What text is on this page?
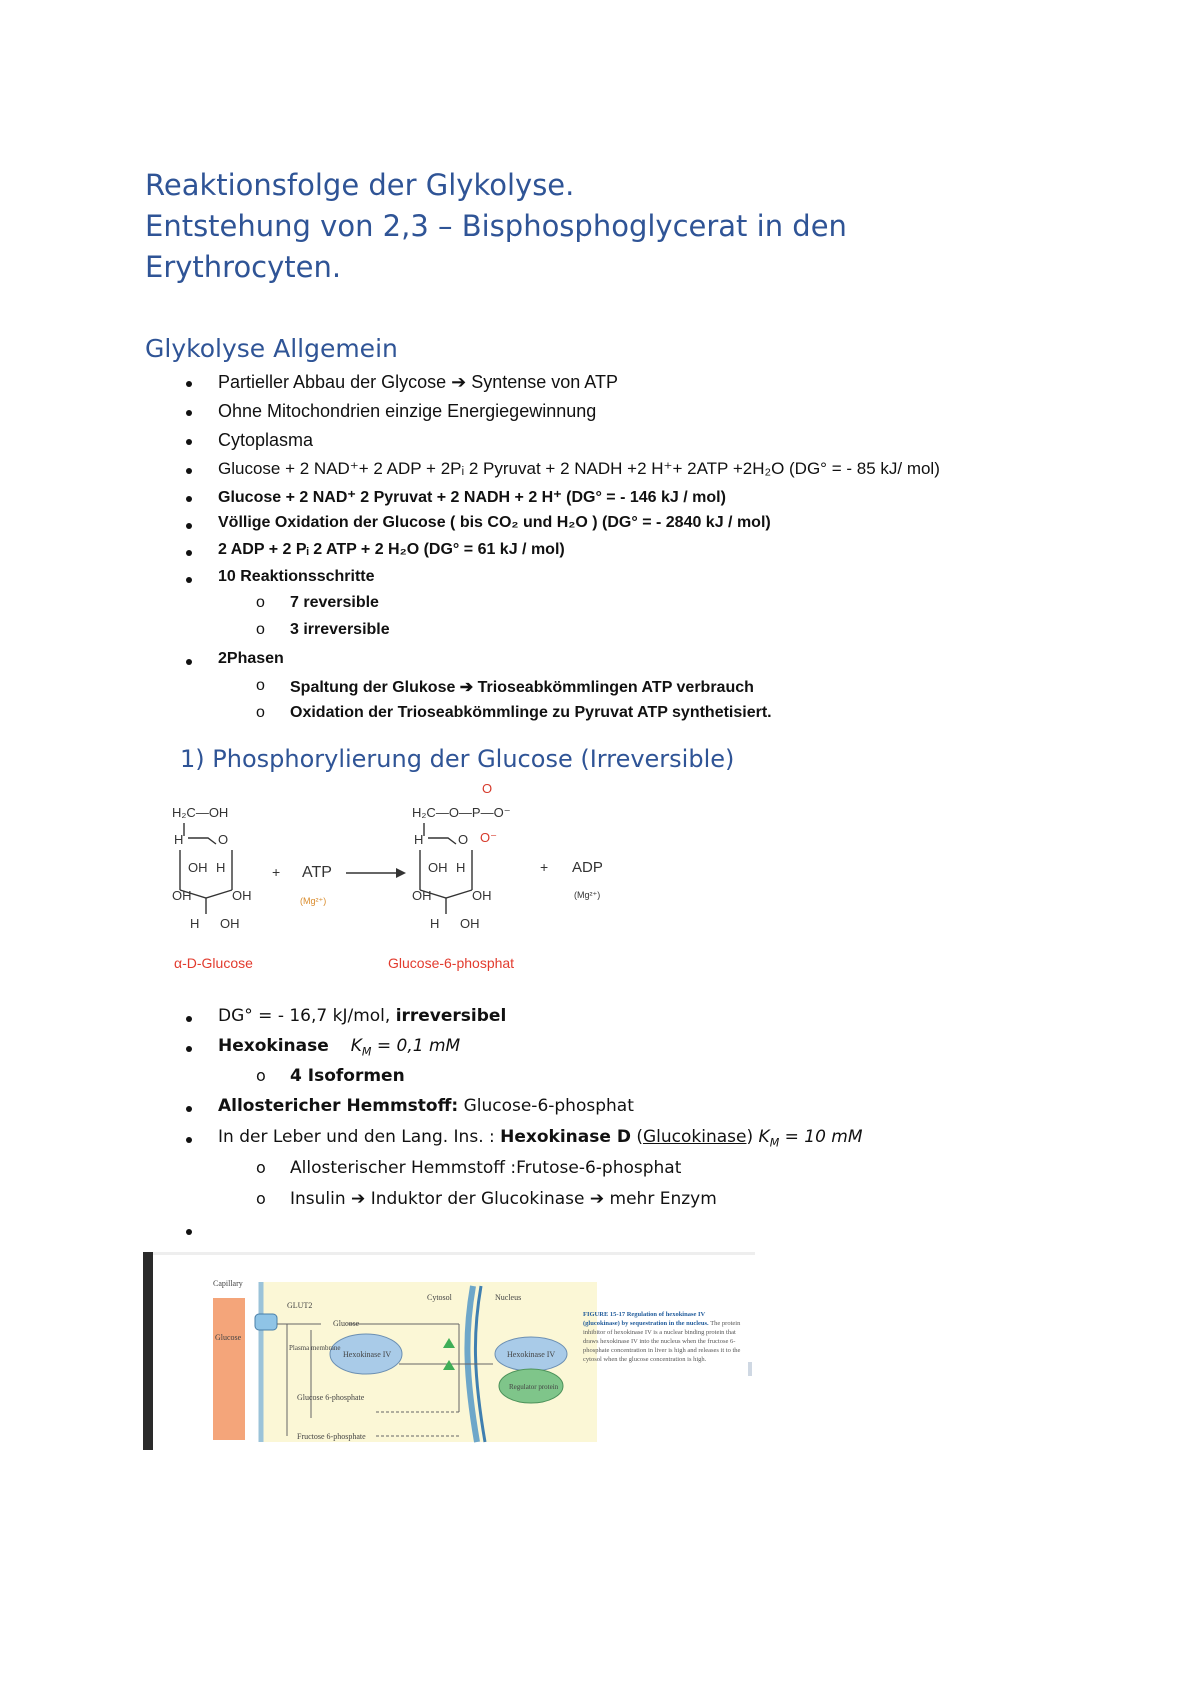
Reaktionsfolge der Glykolyse.
Entstehung von 2,3 – Bisphosphoglycerat in den
Erythrocyten.
Glykolyse Allgemein
Partieller Abbau der Glycose ➔ Syntense von ATP
Ohne Mitochondrien einzige Energiegewinnung
Cytoplasma
Glucose + 2 NAD⁺+ 2 ADP + 2Pᵢ 2 Pyruvat + 2 NADH +2 H⁺+ 2ATP +2H₂O (DG° = - 85 kJ/ mol)
Glucose + 2 NAD⁺ 2 Pyruvat + 2 NADH + 2 H⁺ (DG° = - 146 kJ / mol)
Völlige Oxidation der Glucose ( bis CO₂ und H₂O ) (DG° = - 2840 kJ / mol)
2 ADP + 2 Pᵢ 2 ATP + 2 H₂O (DG° = 61 kJ / mol)
10 Reaktionsschritte
o 7 reversible
o 3 irreversible
2Phasen
o Spaltung der Glukose ➔ Trioseabkömmlingen ATP verbrauch
o Oxidation der Trioseabkömmlinge zu Pyruvat ATP synthetisiert.
1) Phosphorylierung der Glucose (Irreversible)
H₂C—OH
H	O
OH H
OH	OH
H OH
H₂C—O—P—O⁻
O
O⁻
H	O
OH H
OH	OH
H OH
+ ATP
(Mg²⁺)
+ ADP
(Mg²⁺)
α-D-Glucose	Glucose-6-phosphat
DG° = - 16,7 kJ/mol, irreversibel
Hexokinase $K_M = 0,1$ mM
o 4 Isoformen
Allostericher Hemmstoff: Glucose-6-phosphat
In der Leber und den Lang. Ins. : Hexokinase D (Glucokinase) $K_M = 10$ mM
o Allosterischer Hemmstoff :Frutose-6-phosphat
o Insulin ➔ Induktor der Glucokinase ➔ mehr Enzym
Capillary
Glucose
GLUT2
Glucose
Plasma membrane
Cytosol	Nucleus
Hexokinase IV	Hexokinase IV
Regulator protein
Glucose 6-phosphate
Fructose 6-phosphate
FIGURE 15-17 Regulation of hexokinase IV (glucokinase) by sequestration in the nucleus. The protein inhibitor of hexokinase IV is a nuclear binding protein that draws hexokinase IV into the nucleus when the fructose 6-phosphate concentration in liver is high and releases it to the cytosol when the glucose concentration is high.
